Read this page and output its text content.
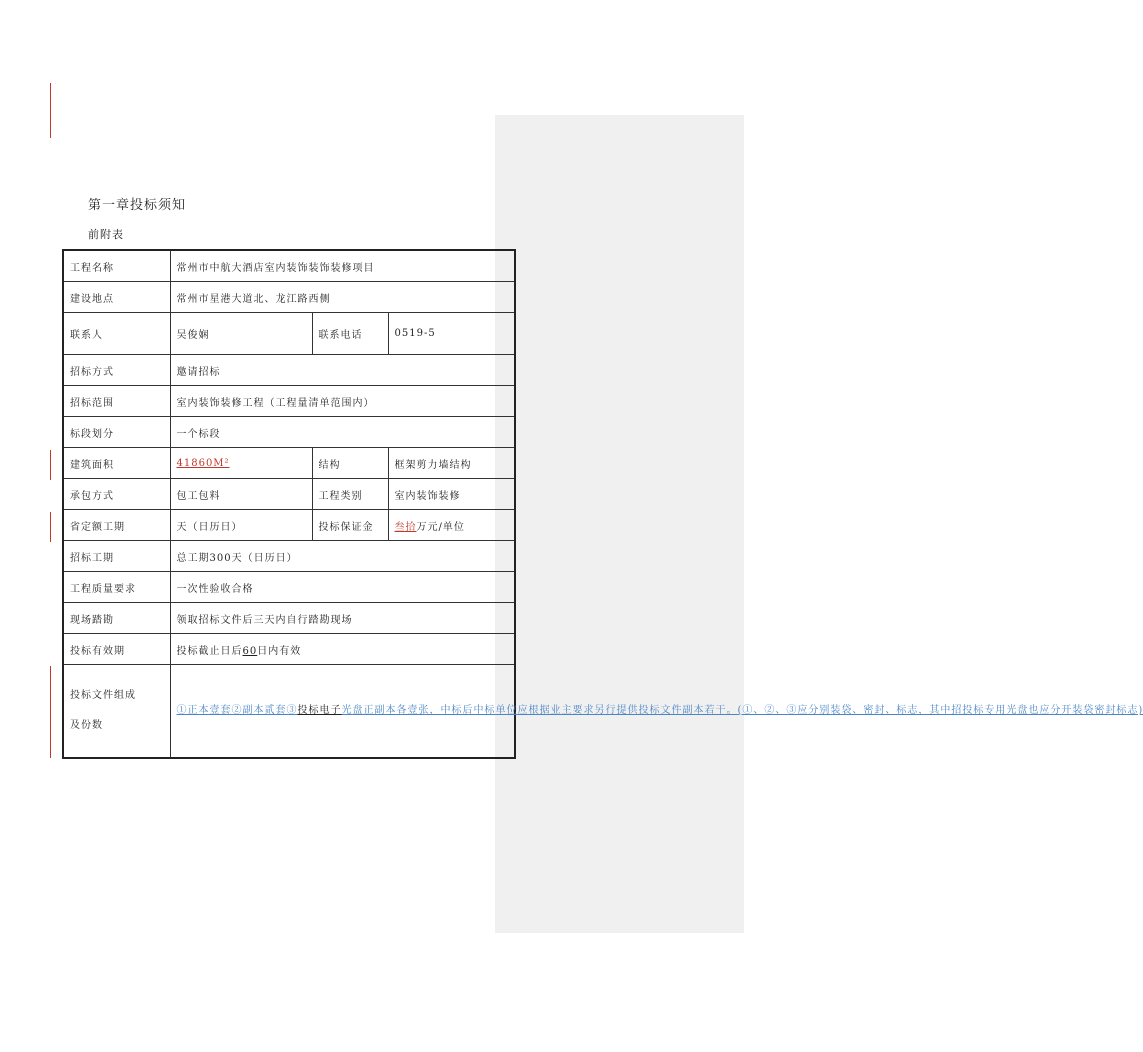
第一章投标须知
前附表
工程名称	常州市中航大酒店室内装饰装饰装修项目		
建设地点	常州市星港大道北、龙江路西侧		
联系人	吴俊娴	联系电话	0519-5
招标方式	邀请招标		
招标范围	室内装饰装修工程（工程量清单范围内）		
标段划分	一个标段		
建筑面积	41860M²	结构	框架剪力墙结构
承包方式	包工包料	工程类别	室内装饰装修
省定额工期	天（日历日）	投标保证金	叁拾万元/单位
招标工期	总工期300天（日历日）		
工程质量要求	一次性验收合格		
现场踏勘	领取招标文件后三天内自行踏勘现场		
投标有效期	投标截止日后60日内有效		
投标文件组成
及份数	①正本壹套②副本贰套③投标电子光盘正副本各壹张，中标后中标单位应根据业主要求另行提供投标文件副本若干。(①、②、③应分别装袋、密封、标志，其中招投标专用光盘也应分开装袋密封标志)		
